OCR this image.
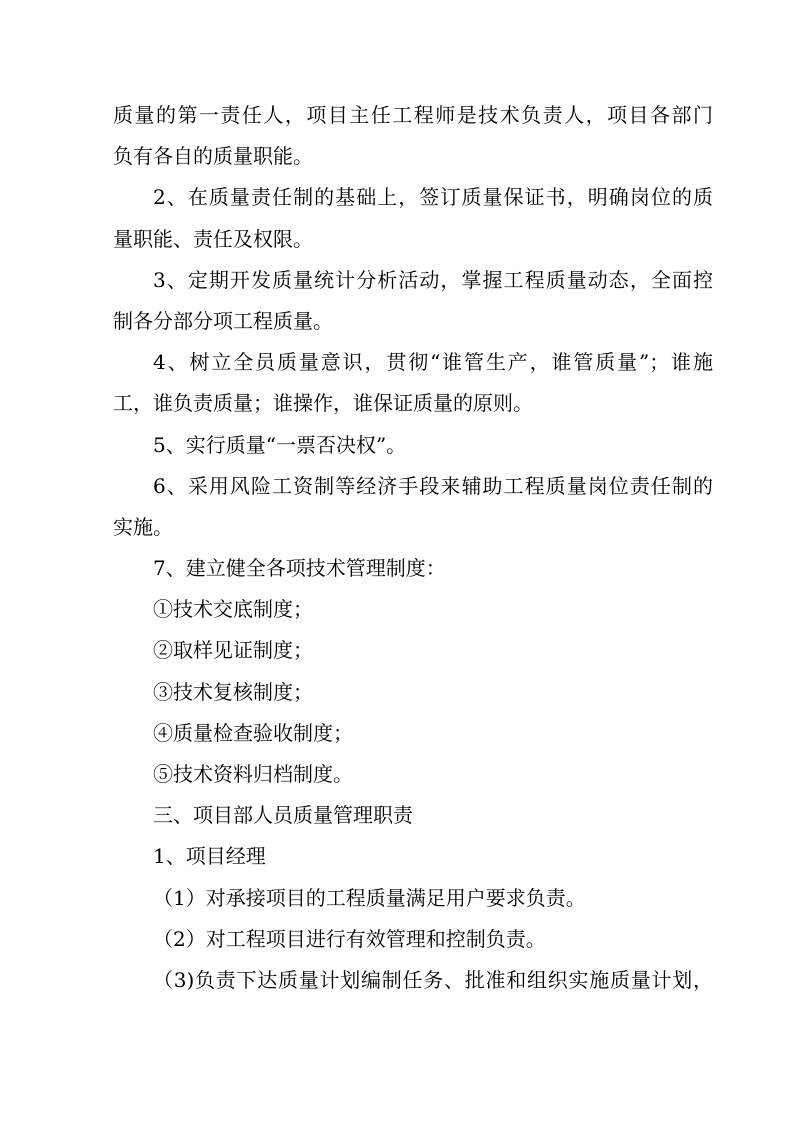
质量的第一责任人，项目主任工程师是技术负责人，项目各部门
负有各自的质量职能。
2、在质量责任制的基础上，签订质量保证书，明确岗位的质
量职能、责任及权限。
3、定期开发质量统计分析活动，掌握工程质量动态，全面控
制各分部分项工程质量。
4、树立全员质量意识，贯彻“谁管生产，谁管质量”；谁施
工，谁负责质量；谁操作，谁保证质量的原则。
5、实行质量“一票否决权”。
6、采用风险工资制等经济手段来辅助工程质量岗位责任制的
实施。
7、建立健全各项技术管理制度：
①技术交底制度；
②取样见证制度；
③技术复核制度；
④质量检查验收制度；
⑤技术资料归档制度。
三、项目部人员质量管理职责
1、项目经理
（1）对承接项目的工程质量满足用户要求负责。
（2）对工程项目进行有效管理和控制负责。
（3)负责下达质量计划编制任务、批准和组织实施质量计划，
